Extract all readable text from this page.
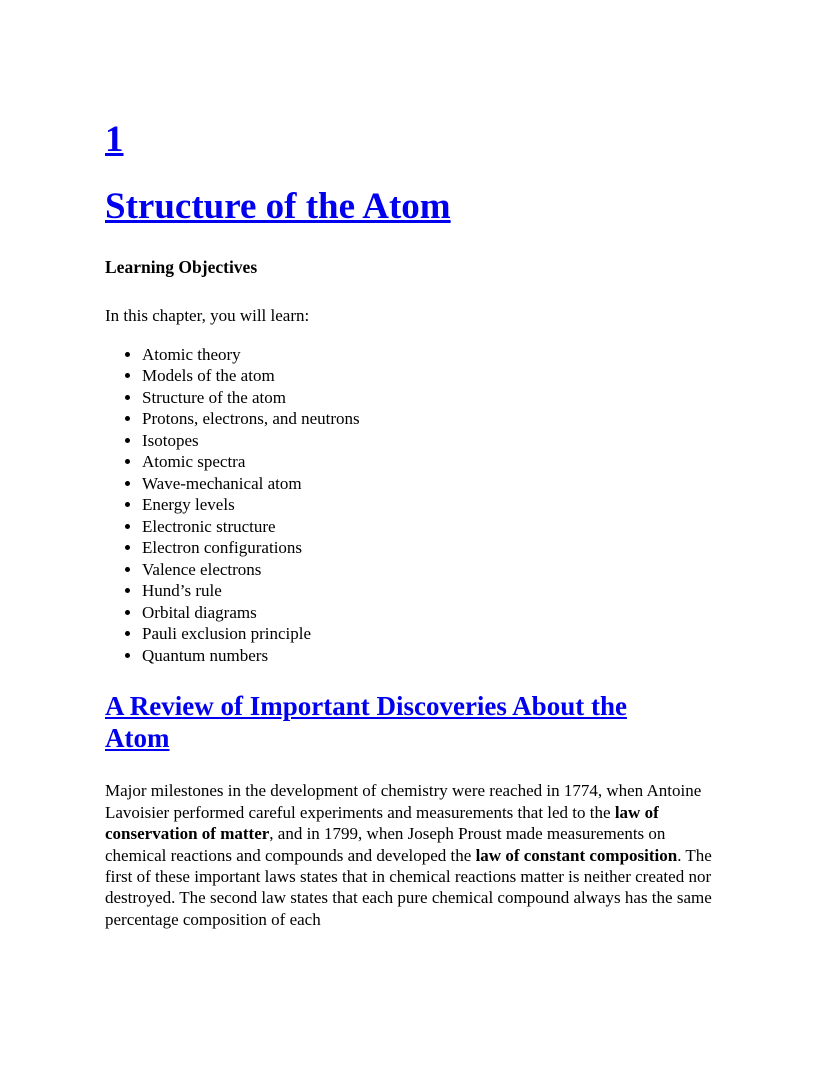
1
Structure of the Atom
Learning Objectives

In this chapter, you will learn:

• Atomic theory
• Models of the atom
• Structure of the atom
• Protons, electrons, and neutrons
• Isotopes
• Atomic spectra
• Wave-mechanical atom
• Energy levels
• Electronic structure
• Electron configurations
• Valence electrons
• Hund’s rule
• Orbital diagrams
• Pauli exclusion principle
• Quantum numbers
A Review of Important Discoveries About the Atom

Major milestones in the development of chemistry were reached in 1774, when Antoine Lavoisier performed careful experiments and measurements that led to the law of conservation of matter, and in 1799, when Joseph Proust made measurements on chemical reactions and compounds and developed the law of constant composition. The first of these important laws states that in chemical reactions matter is neither created nor destroyed. The second law states that each pure chemical compound always has the same percentage composition of each
